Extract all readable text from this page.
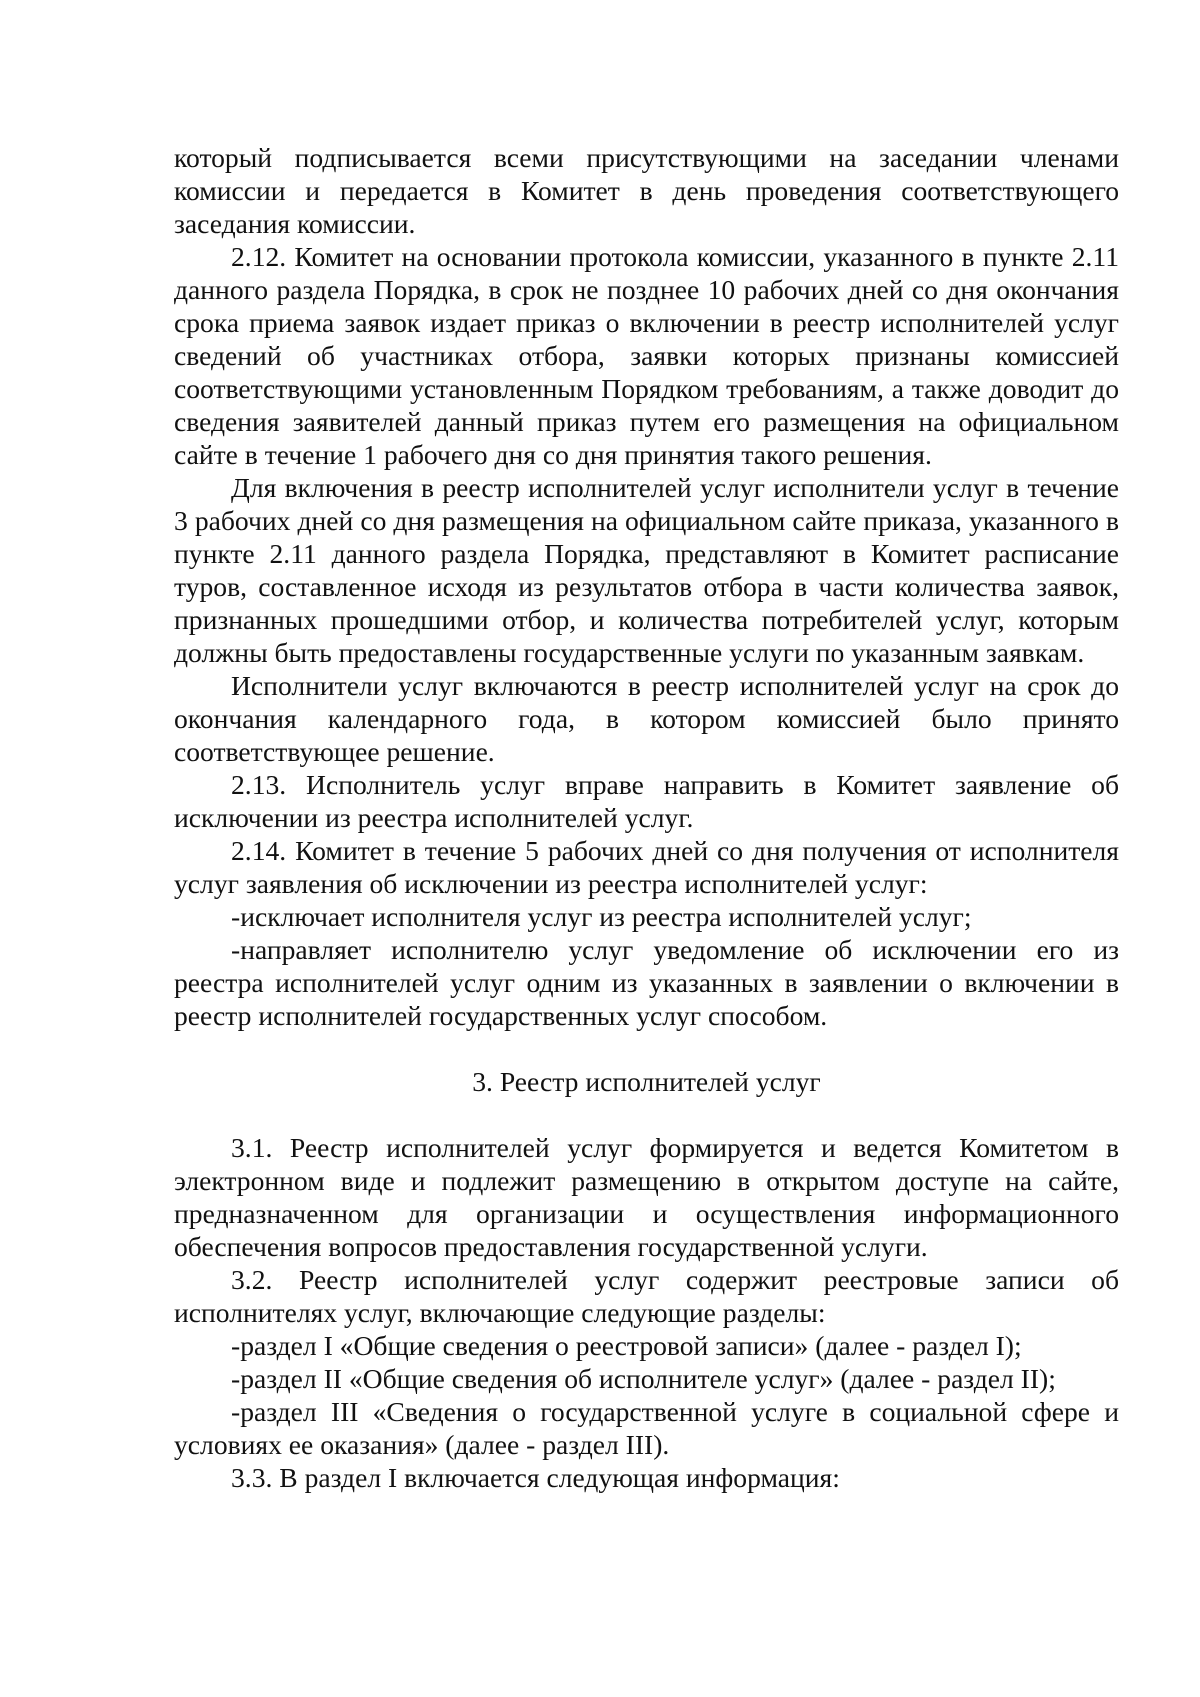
который подписывается всеми присутствующими на заседании членами комиссии и передается в Комитет в день проведения соответствующего заседания комиссии.

2.12. Комитет на основании протокола комиссии, указанного в пункте 2.11 данного раздела Порядка, в срок не позднее 10 рабочих дней со дня окончания срока приема заявок издает приказ о включении в реестр исполнителей услуг сведений об участниках отбора, заявки которых признаны комиссией соответствующими установленным Порядком требованиям, а также доводит до сведения заявителей данный приказ путем его размещения на официальном сайте в течение 1 рабочего дня со дня принятия такого решения.

Для включения в реестр исполнителей услуг исполнители услуг в течение 3 рабочих дней со дня размещения на официальном сайте приказа, указанного в пункте 2.11 данного раздела Порядка, представляют в Комитет расписание туров, составленное исходя из результатов отбора в части количества заявок, признанных прошедшими отбор, и количества потребителей услуг, которым должны быть предоставлены государственные услуги по указанным заявкам.

Исполнители услуг включаются в реестр исполнителей услуг на срок до окончания календарного года, в котором комиссией было принято соответствующее решение.

2.13. Исполнитель услуг вправе направить в Комитет заявление об исключении из реестра исполнителей услуг.

2.14. Комитет в течение 5 рабочих дней со дня получения от исполнителя услуг заявления об исключении из реестра исполнителей услуг:

-исключает исполнителя услуг из реестра исполнителей услуг;

-направляет исполнителю услуг уведомление об исключении его из реестра исполнителей услуг одним из указанных в заявлении о включении в реестр исполнителей государственных услуг способом.

3. Реестр исполнителей услуг

3.1. Реестр исполнителей услуг формируется и ведется Комитетом в электронном виде и подлежит размещению в открытом доступе на сайте, предназначенном для организации и осуществления информационного обеспечения вопросов предоставления государственной услуги.

3.2. Реестр исполнителей услуг содержит реестровые записи об исполнителях услуг, включающие следующие разделы:

-раздел I «Общие сведения о реестровой записи» (далее - раздел I);

-раздел II «Общие сведения об исполнителе услуг» (далее - раздел II);

-раздел III «Сведения о государственной услуге в социальной сфере и условиях ее оказания» (далее - раздел III).

3.3. В раздел I включается следующая информация:
